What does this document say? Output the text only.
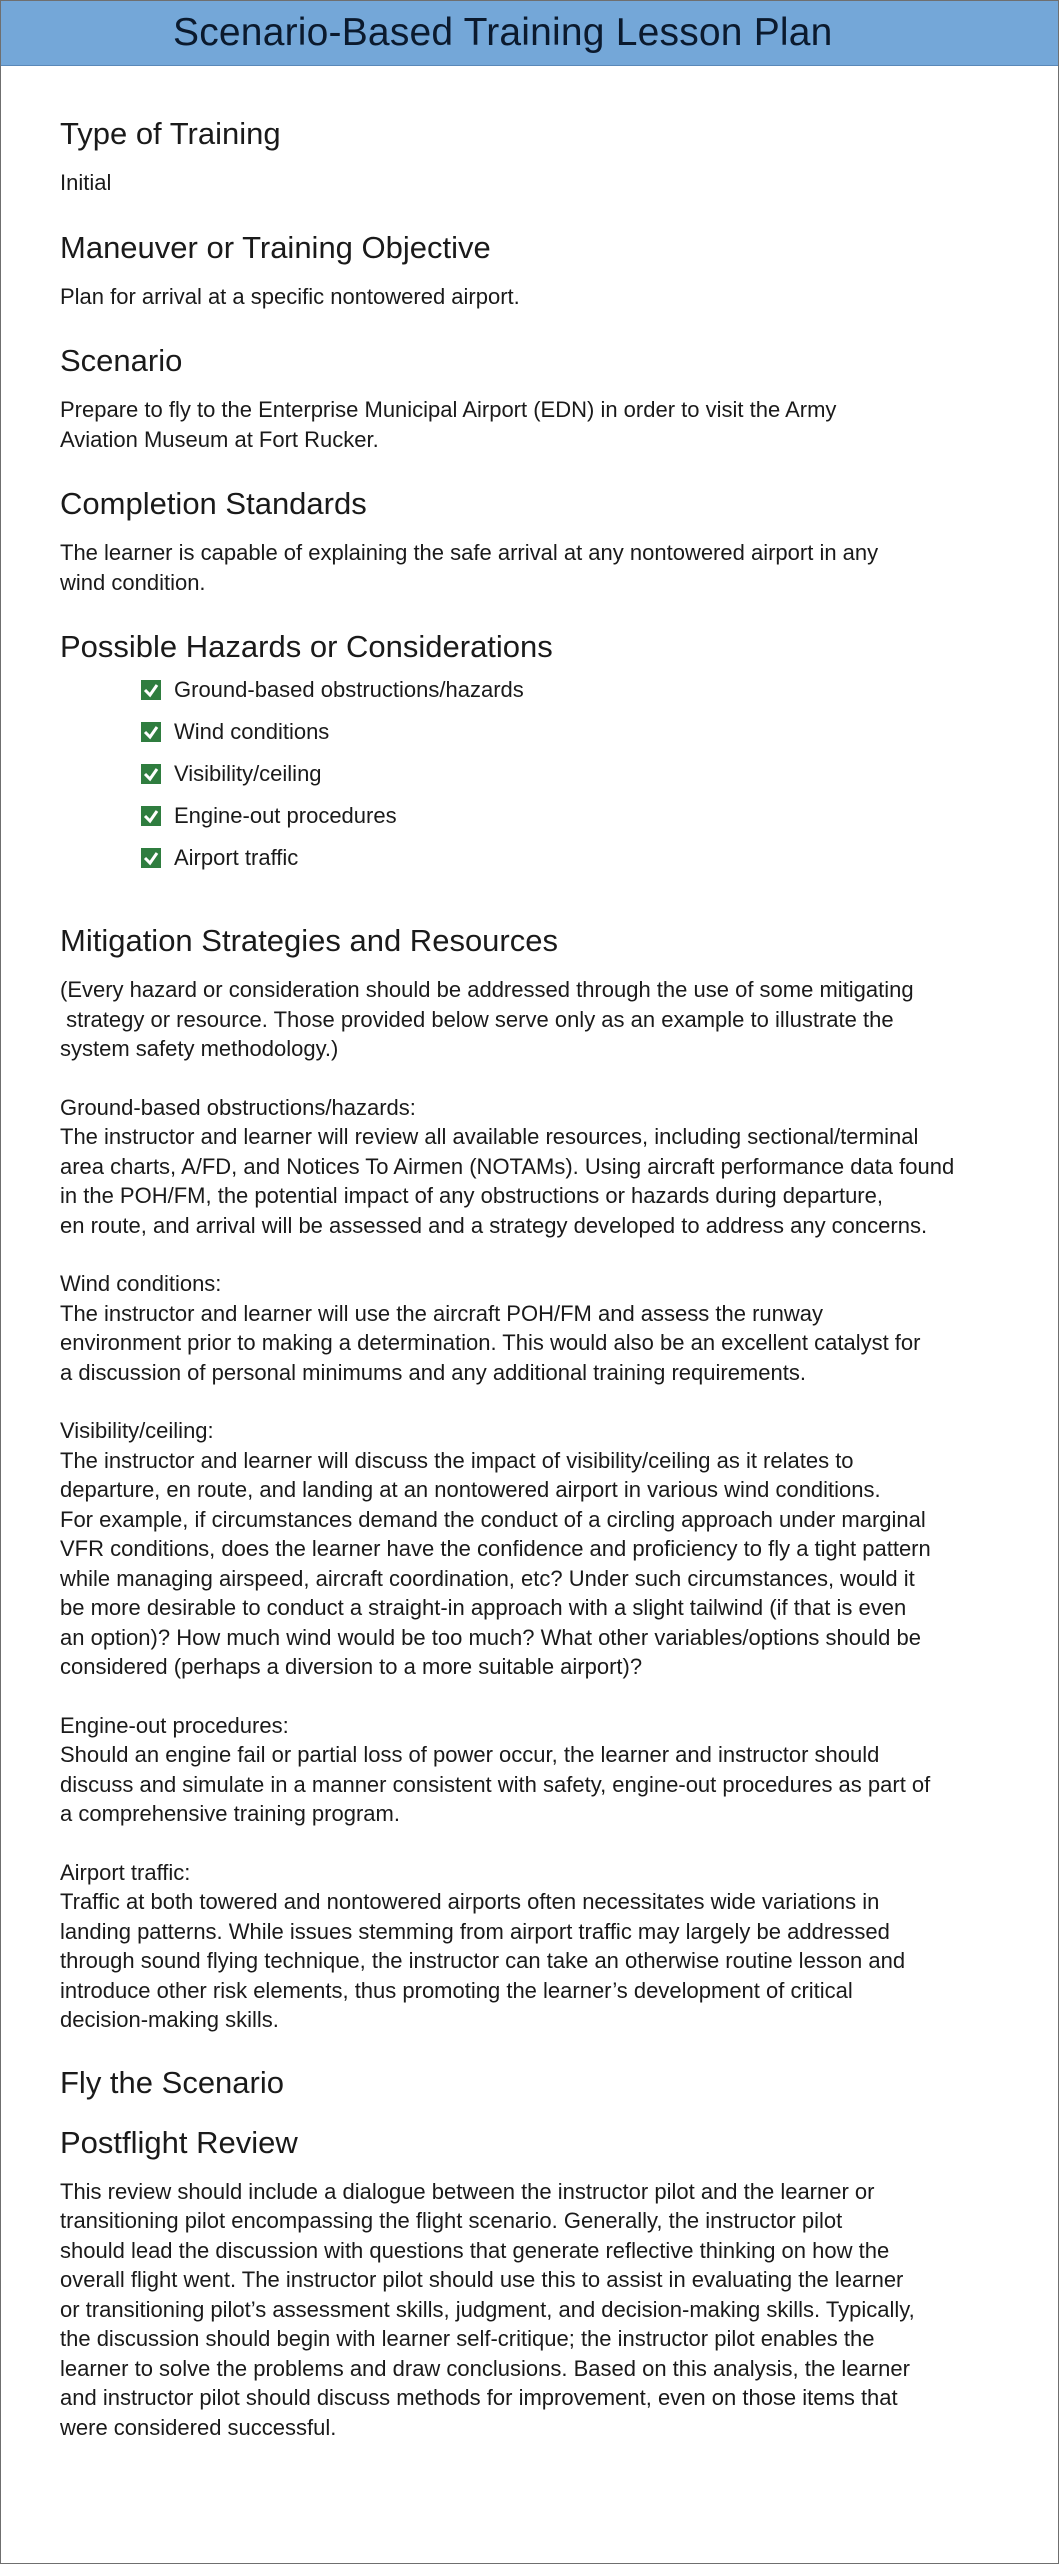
Scenario-Based Training Lesson Plan
Type of Training

Initial

Maneuver or Training Objective

Plan for arrival at a specific nontowered airport.

Scenario

Prepare to fly to the Enterprise Municipal Airport (EDN) in order to visit the Army
Aviation Museum at Fort Rucker.

Completion Standards

The learner is capable of explaining the safe arrival at any nontowered airport in any
wind condition.

Possible Hazards or Considerations
Ground-based obstructions/hazards
Wind conditions
Visibility/ceiling
Engine-out procedures
Airport traffic
Mitigation Strategies and Resources

(Every hazard or consideration should be addressed through the use of some mitigating
strategy or resource. Those provided below serve only as an example to illustrate the
system safety methodology.)

Ground-based obstructions/hazards:

The instructor and learner will review all available resources, including sectional/terminal
area charts, A/FD, and Notices To Airmen (NOTAMs). Using aircraft performance data found
in the POH/FM, the potential impact of any obstructions or hazards during departure,
en route, and arrival will be assessed and a strategy developed to address any concerns.

Wind conditions:

The instructor and learner will use the aircraft POH/FM and assess the runway
environment prior to making a determination. This would also be an excellent catalyst for
a discussion of personal minimums and any additional training requirements.

Visibility/ceiling:

The instructor and learner will discuss the impact of visibility/ceiling as it relates to
departure, en route, and landing at an nontowered airport in various wind conditions.
For example, if circumstances demand the conduct of a circling approach under marginal
VFR conditions, does the learner have the confidence and proficiency to fly a tight pattern
while managing airspeed, aircraft coordination, etc? Under such circumstances, would it
be more desirable to conduct a straight-in approach with a slight tailwind (if that is even
an option)? How much wind would be too much? What other variables/options should be
considered (perhaps a diversion to a more suitable airport)?

Engine-out procedures:

Should an engine fail or partial loss of power occur, the learner and instructor should
discuss and simulate in a manner consistent with safety, engine-out procedures as part of
a comprehensive training program.

Airport traffic:

Traffic at both towered and nontowered airports often necessitates wide variations in
landing patterns. While issues stemming from airport traffic may largely be addressed
through sound flying technique, the instructor can take an otherwise routine lesson and
introduce other risk elements, thus promoting the learner’s development of critical
decision-making skills.

Fly the Scenario
Postflight Review

This review should include a dialogue between the instructor pilot and the learner or
transitioning pilot encompassing the flight scenario. Generally, the instructor pilot
should lead the discussion with questions that generate reflective thinking on how the
overall flight went. The instructor pilot should use this to assist in evaluating the learner
or transitioning pilot’s assessment skills, judgment, and decision-making skills. Typically,
the discussion should begin with learner self-critique; the instructor pilot enables the
learner to solve the problems and draw conclusions. Based on this analysis, the learner
and instructor pilot should discuss methods for improvement, even on those items that
were considered successful.
